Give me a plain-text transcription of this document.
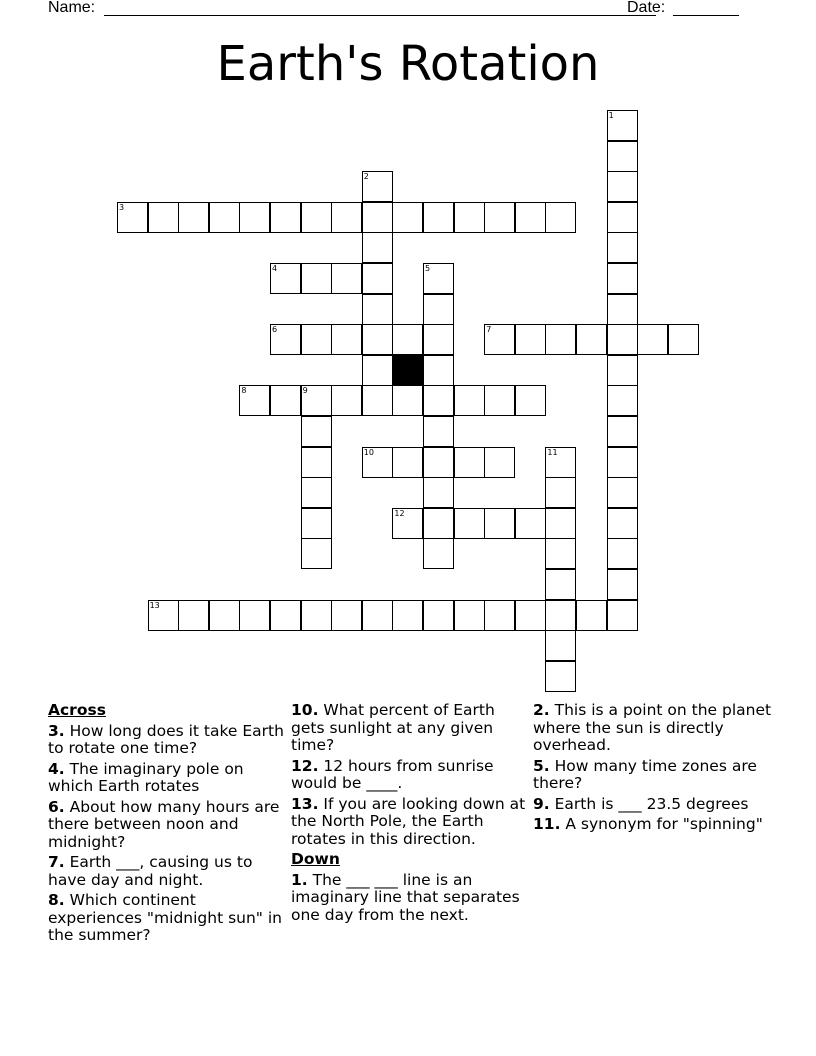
Name:	Date:
Earth's Rotation
1
2
3
4	5
6	7
8	9
10	11
12
13
Across
3. How long does it take Earth to rotate one time?
4. The imaginary pole on which Earth rotates
6. About how many hours are there between noon and midnight?
7. Earth ___, causing us to have day and night.
8. Which continent experiences "midnight sun" in the summer?
10. What percent of Earth gets sunlight at any given time?
12. 12 hours from sunrise would be ____.
13. If you are looking down at the North Pole, the Earth rotates in this direction.
Down
1. The ___ ___ line is an imaginary line that separates one day from the next.
2. This is a point on the planet where the sun is directly overhead.
5. How many time zones are there?
9. Earth is ___ 23.5 degrees
11. A synonym for "spinning"
